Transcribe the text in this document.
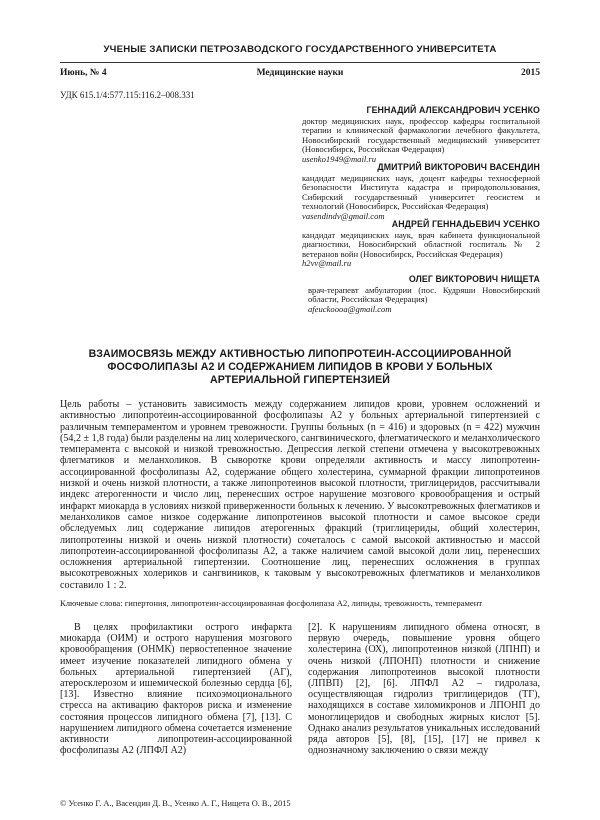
УЧЕНЫЕ ЗАПИСКИ ПЕТРОЗАВОДСКОГО ГОСУДАРСТВЕННОГО УНИВЕРСИТЕТА
Июнь, № 4	Медицинские науки	2015
УДК 615.1/4:577.115:116.2–008.331
ГЕННАДИЙ АЛЕКСАНДРОВИЧ УСЕНКО
доктор медицинских наук, профессор кафедры госпитальной терапии и клинической фармакологии лечебного факультета, Новосибирский государственный медицинский университет (Новосибирск, Российская Федерация)
usenko1949@mail.ru
ДМИТРИЙ ВИКТОРОВИЧ ВАСЕНДИН
кандидат медицинских наук, доцент кафедры техносферной безопасности Института кадастра и природопользования, Сибирский государственный университет геосистем и технологий (Новосибирск, Российская Федерация)
vasendindv@gmail.com
АНДРЕЙ ГЕННАДЬЕВИЧ УСЕНКО
кандидат медицинских наук, врач кабинета функциональной диагностики, Новосибирский областной госпиталь № 2 ветеранов войн (Новосибирск, Российская Федерация)
h2vv@mail.ru
ОЛЕГ ВИКТОРОВИЧ НИЩЕТА
врач-терапевт амбулатории (пос. Кудряши Новосибирский области, Российская Федерация)
afeuckoooa@gmail.com
ВЗАИМОСВЯЗЬ МЕЖДУ АКТИВНОСТЬЮ ЛИПОПРОТЕИН-АССОЦИИРОВАННОЙ ФОСФОЛИПАЗЫ А2 И СОДЕРЖАНИЕМ ЛИПИДОВ В КРОВИ У БОЛЬНЫХ АРТЕРИАЛЬНОЙ ГИПЕРТЕНЗИЕЙ
Цель работы – установить зависимость между содержанием липидов крови, уровнем осложнений и активностью липопротеин-ассоциированной фосфолипазы А2 у больных артериальной гипертензией с различным темпераментом и уровнем тревожности. Группы больных (n = 416) и здоровых (n = 422) мужчин (54,2 ± 1,8 года) были разделены на лиц холерического, сангвинического, флегматического и меланхолического темперамента с высокой и низкой тревожностью. Депрессия легкой степени отмечена у высокотревожных флегматиков и меланхоликов. В сыворотке крови определяли активность и массу липопротеин-ассоциированной фосфолипазы А2, содержание общего холестерина, суммарной фракции липопротеинов низкой и очень низкой плотности, а также липопротеинов высокой плотности, триглицеридов, рассчитывали индекс атерогенности и число лиц, перенесших острое нарушение мозгового кровообращения и острый инфаркт миокарда в условиях низкой приверженности больных к лечению. У высокотревожных флегматиков и меланхоликов самое низкое содержание липопротеинов высокой плотности и самое высокое среди обследуемых лиц содержание липидов атерогенных фракций (триглицериды, общий холестерин, липопротеины низкой и очень низкой плотности) сочеталось с самой высокой активностью и массой липопротеин-ассоциированной фосфолипазы А2, а также наличием самой высокой доли лиц, перенесших осложнения артериальной гипертензии. Соотношение лиц, перенесших осложнения в группах высокотревожных холериков и сангвиников, к таковым у высокотревожных флегматиков и меланхоликов составило 1 : 2.
Ключевые слова: гипертония, липопротеин-ассоциированная фосфолипаза А2, липиды, тревожность, темперамент
В целях профилактики острого инфаркта миокарда (ОИМ) и острого нарушения мозгового кровообращения (ОНМК) первостепенное значение имеет изучение показателей липидного обмена у больных артериальной гипертензией (АГ), атеросклерозом и ишемической болезнью сердца [6], [13]. Известно влияние психоэмоционального стресса на активацию факторов риска и изменение состояния процессов липидного обмена [7], [13]. С нарушением липидного обмена сочетается изменение активности липопротеин-ассоциированной фосфолипазы А2 (ЛПФЛ А2)
[2]. К нарушениям липидного обмена относят, в первую очередь, повышение уровня общего холестерина (ОХ), липопротеинов низкой (ЛПНП) и очень низкой (ЛПОНП) плотности и снижение содержания липопротеинов высокой плотности (ЛПВП) [2], [6]. ЛПФЛ А2 – гидролаза, осуществляющая гидролиз триглицеридов (ТГ), находящихся в составе хиломикронов и ЛПОНП до моноглицеридов и свободных жирных кислот [5]. Однако анализ результатов уникальных исследований ряда авторов [5], [8], [15], [17] не привел к однозначному заключению о связи между
© Усенко Г. А., Васендин Д. В., Усенко А. Г., Нищета О. В., 2015
